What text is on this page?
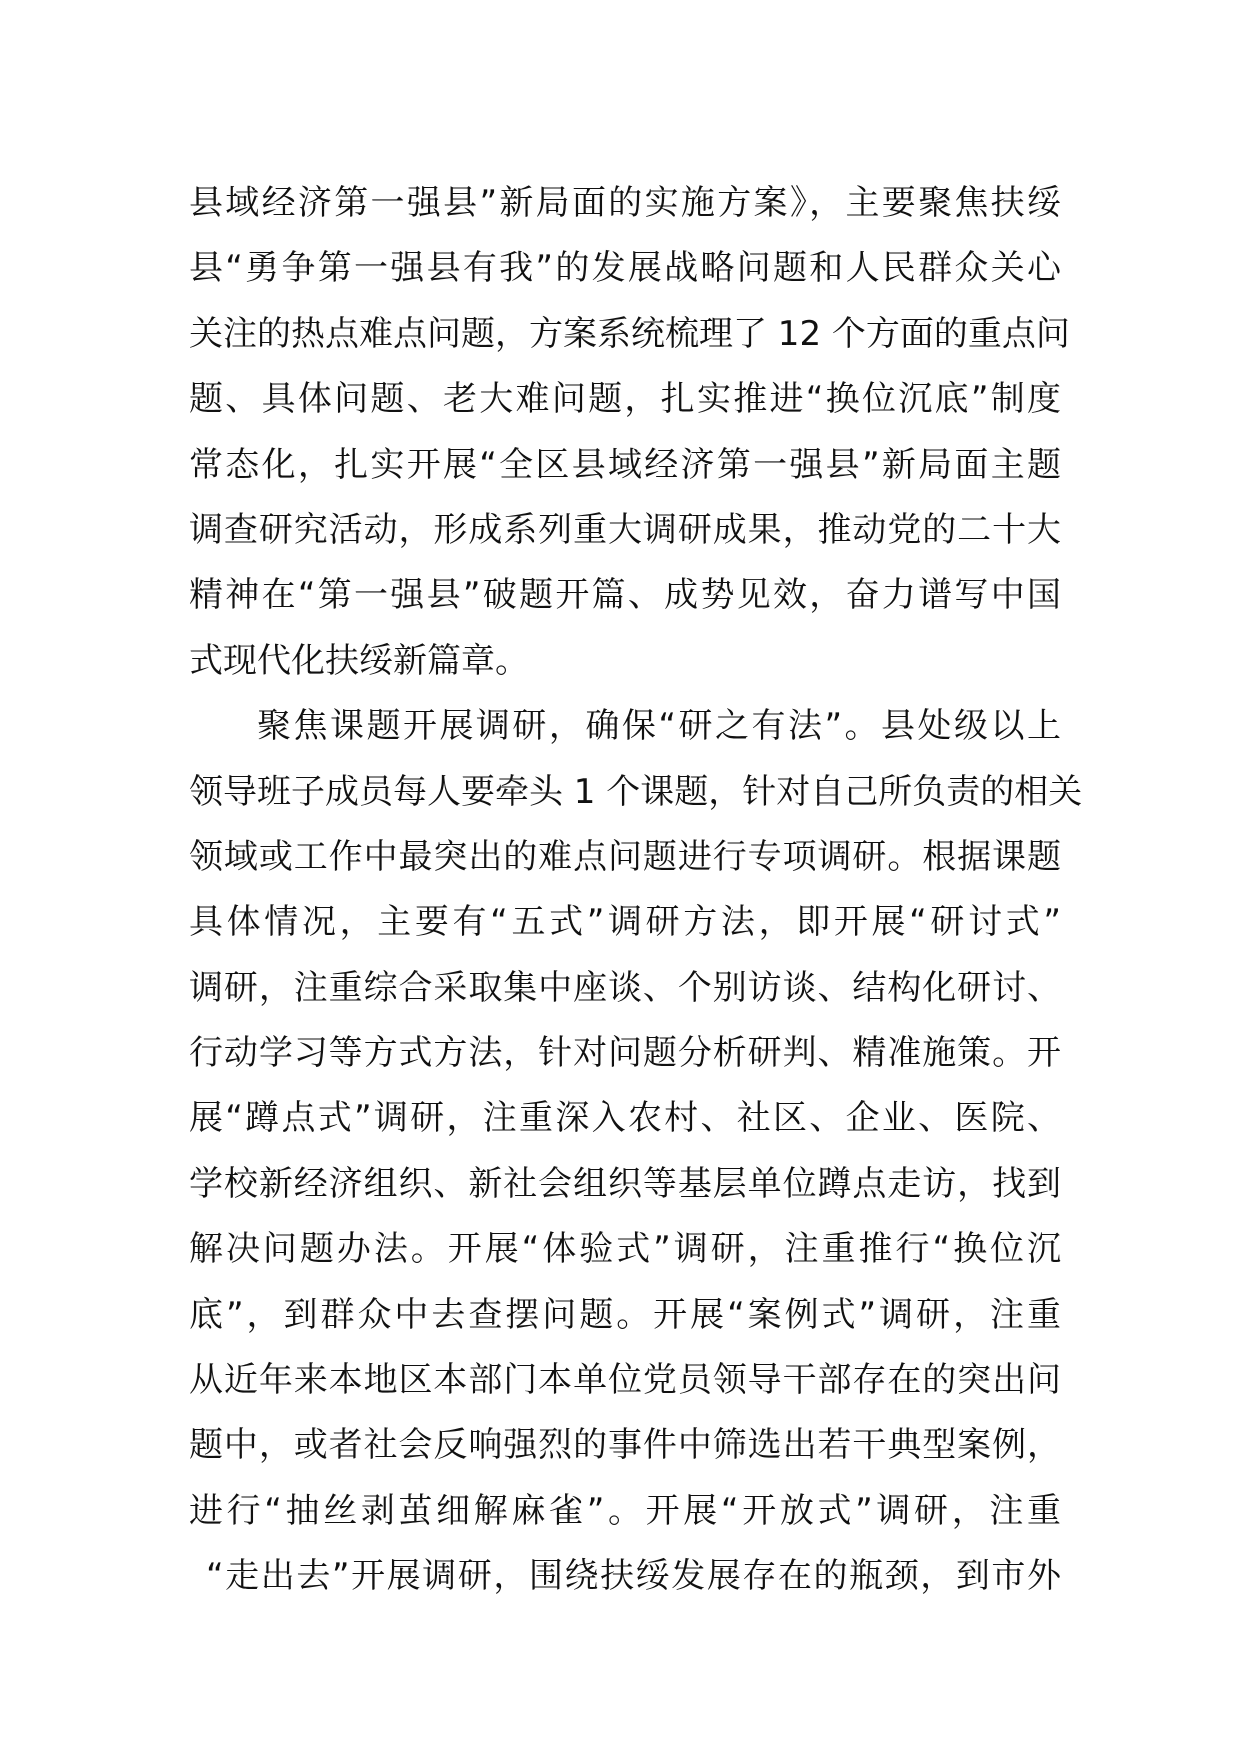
县域经济第一强县”新局面的实施方案》，主要聚焦扶绥
县“勇争第一强县有我”的发展战略问题和人民群众关心
关注的热点难点问题，方案系统梳理了 12 个方面的重点问
题、具体问题、老大难问题，扎实推进“换位沉底”制度
常态化，扎实开展“全区县域经济第一强县”新局面主题
调查研究活动，形成系列重大调研成果，推动党的二十大
精神在“第一强县”破题开篇、成势见效，奋力谱写中国
式现代化扶绥新篇章。
聚焦课题开展调研，确保“研之有法”。县处级以上
领导班子成员每人要牵头 1 个课题，针对自己所负责的相关
领域或工作中最突出的难点问题进行专项调研。根据课题
具体情况，主要有“五式”调研方法，即开展“研讨式”
调研，注重综合采取集中座谈、个别访谈、结构化研讨、
行动学习等方式方法，针对问题分析研判、精准施策。开
展“蹲点式”调研，注重深入农村、社区、企业、医院、
学校新经济组织、新社会组织等基层单位蹲点走访，找到
解决问题办法。开展“体验式”调研，注重推行“换位沉
底”，到群众中去查摆问题。开展“案例式”调研，注重
从近年来本地区本部门本单位党员领导干部存在的突出问
题中，或者社会反响强烈的事件中筛选出若干典型案例，
进行“抽丝剥茧细解麻雀”。开展“开放式”调研，注重
“走出去”开展调研，围绕扶绥发展存在的瓶颈，到市外
